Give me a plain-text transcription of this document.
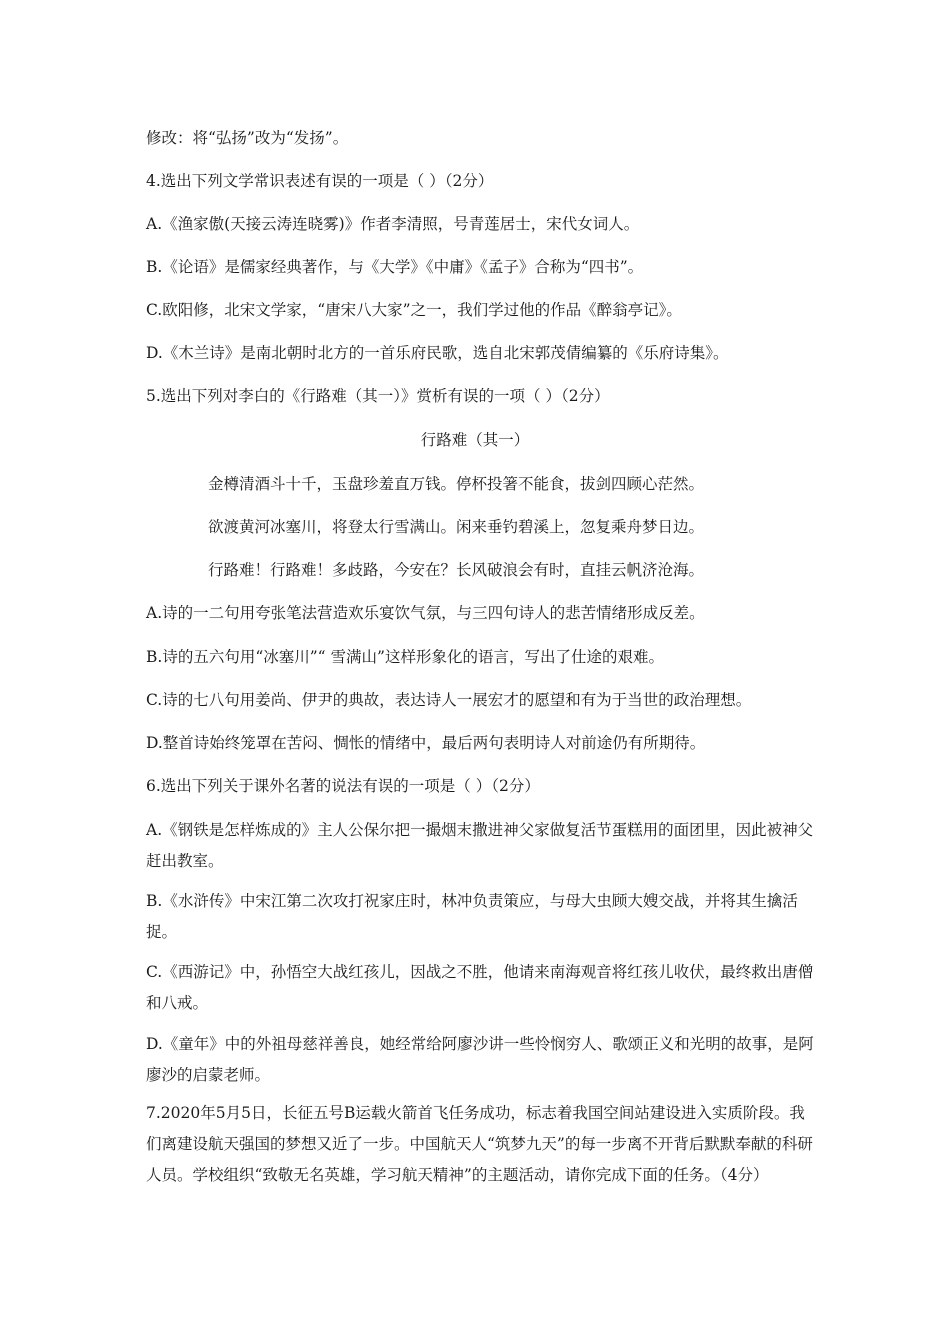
修改：将“弘扬”改为“发扬”。
4.选出下列文学常识表述有误的一项是（ ）（2分）
A.《渔家傲(天接云涛连晓雾)》作者李清照，号青莲居士，宋代女词人。
B.《论语》是儒家经典著作，与《大学》《中庸》《孟子》合称为“四书”。
C.欧阳修，北宋文学家，“唐宋八大家”之一，我们学过他的作品《醉翁亭记》。
D.《木兰诗》是南北朝时北方的一首乐府民歌，选自北宋郭茂倩编纂的《乐府诗集》。
5.选出下列对李白的《行路难（其一）》赏析有误的一项（ ）（2分）
行路难（其一）
金樽清酒斗十千，玉盘珍羞直万钱。停杯投箸不能食，拔剑四顾心茫然。
欲渡黄河冰塞川，将登太行雪满山。闲来垂钓碧溪上，忽复乘舟梦日边。
行路难！行路难！多歧路，今安在？长风破浪会有时，直挂云帆济沧海。
A.诗的一二句用夸张笔法营造欢乐宴饮气氛，与三四句诗人的悲苦情绪形成反差。
B.诗的五六句用“冰塞川”“ 雪满山”这样形象化的语言，写出了仕途的艰难。
C.诗的七八句用姜尚、伊尹的典故，表达诗人一展宏才的愿望和有为于当世的政治理想。
D.整首诗始终笼罩在苦闷、惆怅的情绪中，最后两句表明诗人对前途仍有所期待。
6.选出下列关于课外名著的说法有误的一项是（ ）（2分）
A.《钢铁是怎样炼成的》主人公保尔把一撮烟末撒进神父家做复活节蛋糕用的面团里，因此被神父赶出教室。
B.《水浒传》中宋江第二次攻打祝家庄时，林冲负责策应，与母大虫顾大嫂交战，并将其生擒活捉。
C.《西游记》中，孙悟空大战红孩儿，因战之不胜，他请来南海观音将红孩儿收伏，最终救出唐僧和八戒。
D.《童年》中的外祖母慈祥善良，她经常给阿廖沙讲一些怜悯穷人、歌颂正义和光明的故事，是阿廖沙的启蒙老师。
7.2020年5月5日，长征五号B运载火箭首飞任务成功，标志着我国空间站建设进入实质阶段。我们离建设航天强国的梦想又近了一步。中国航天人“筑梦九天”的每一步离不开背后默默奉献的科研人员。学校组织“致敬无名英雄，学习航天精神”的主题活动，请你完成下面的任务。（4分）
